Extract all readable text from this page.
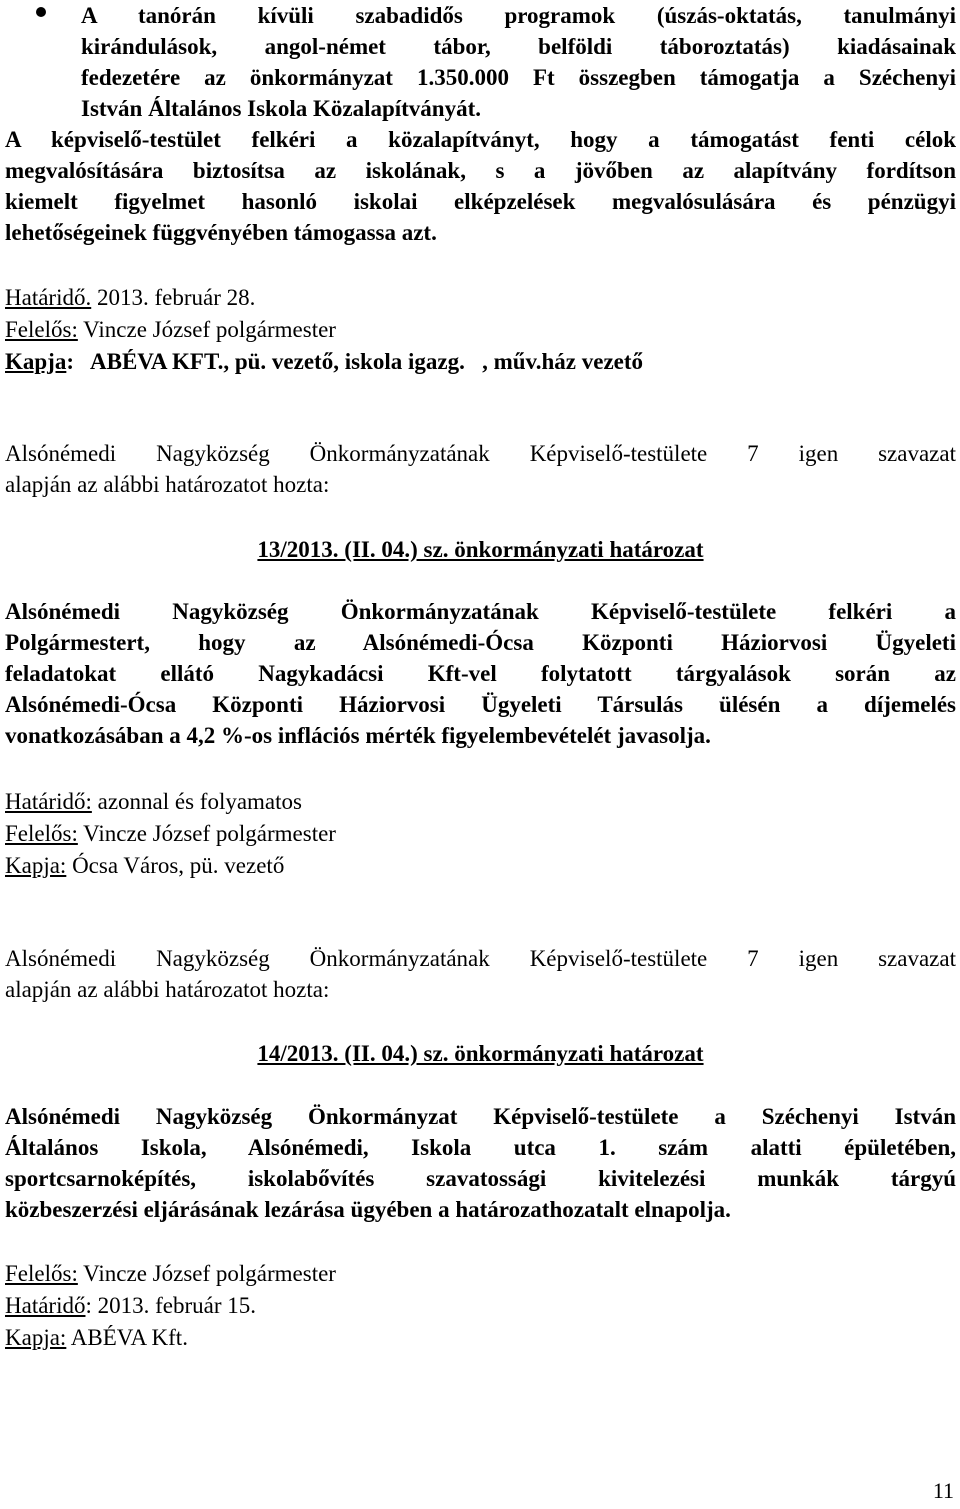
A tanórán kívüli szabadidős programok (úszás-oktatás, tanulmányi
kirándulások, angol-német tábor, belföldi táboroztatás) kiadásainak
fedezetére az önkormányzat 1.350.000 Ft összegben támogatja a Széchenyi
István Általános Iskola Közalapítványát.
A képviselő-testület felkéri a közalapítványt, hogy a támogatást fenti célok
megvalósítására biztosítsa az iskolának, s a jövőben az alapítvány fordítson
kiemelt figyelmet hasonló iskolai elképzelések megvalósulására és pénzügyi
lehetőségeinek függvényében támogassa azt.
Határidő. 2013. február 28.
Felelős: Vincze József polgármester
Kapja:   ABÉVA KFT., pü. vezető, iskola igazg.   , műv.ház vezető
Alsónémedi Nagyközség Önkormányzatának Képviselő-testülete 7 igen szavazat
alapján az alábbi határozatot hozta:
13/2013. (II. 04.) sz. önkormányzati határozat
Alsónémedi Nagyközség Önkormányzatának Képviselő-testülete felkéri a
Polgármestert, hogy az Alsónémedi-Ócsa Központi Háziorvosi Ügyeleti
feladatokat ellátó Nagykadácsi Kft-vel folytatott tárgyalások során az
Alsónémedi-Ócsa Központi Háziorvosi Ügyeleti Társulás ülésén a díjemelés
vonatkozásában a 4,2 %-os inflációs mérték figyelembevételét javasolja.
Határidő: azonnal és folyamatos
Felelős: Vincze József polgármester
Kapja: Ócsa Város, pü. vezető
Alsónémedi Nagyközség Önkormányzatának Képviselő-testülete 7 igen szavazat
alapján az alábbi határozatot hozta:
14/2013. (II. 04.) sz. önkormányzati határozat
Alsónémedi Nagyközség Önkormányzat Képviselő-testülete a Széchenyi István
Általános Iskola, Alsónémedi, Iskola utca 1. szám alatti épületében,
sportcsarnoképítés, iskolabővítés szavatossági kivitelezési munkák tárgyú
közbeszerzési eljárásának lezárása ügyében a határozathozatalt elnapolja.
Felelős: Vincze József polgármester
Határidő: 2013. február 15.
Kapja: ABÉVA Kft.
11
